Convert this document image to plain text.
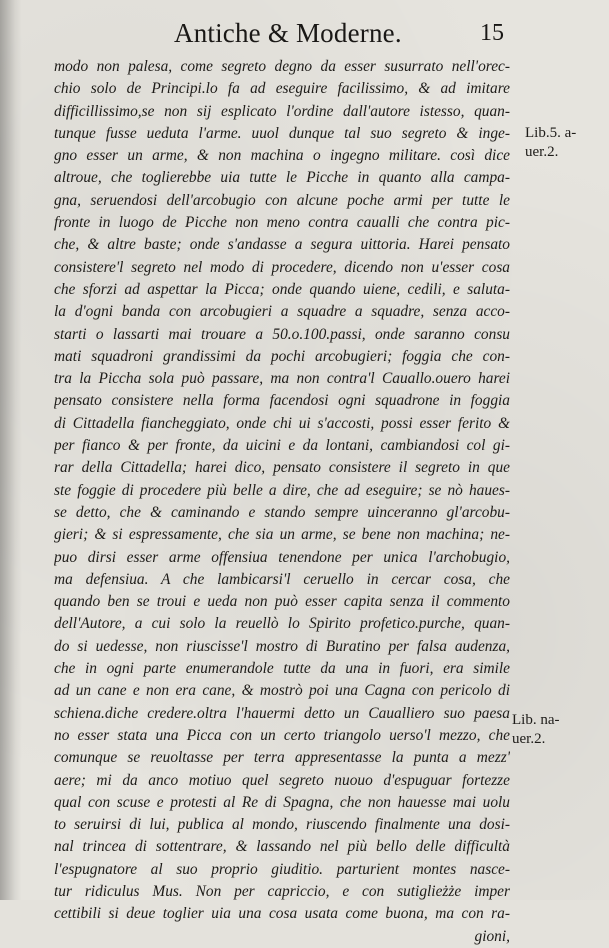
Antiche & Moderne.	15
modo non palesa, come segreto degno da esser susurrato nell'orec-
chio solo de Principi.lo fa ad eseguire facilissimo, & ad imitare
difficillissimo,se non sij esplicato l'ordine dall'autore istesso, quan-
tunque fusse ueduta l'arme. uuol dunque tal suo segreto & inge-
gno esser un arme, & non machina o ingegno militare. così dice
altroue, che toglierebbe uia tutte le Picche in quanto alla campa-
gna, seruendosi dell'arcobugio con alcune poche armi per tutte le
fronte in luogo de Picche non meno contra caualli che contra pic-
che, & altre baste; onde s'andasse a segura uittoria. Harei pensato
consistere'l segreto nel modo di procedere, dicendo non u'esser cosa
che sforzi ad aspettar la Picca; onde quando uiene, cedili, e saluta-
la d'ogni banda con arcobugieri a squadre a squadre, senza acco-
starti o lassarti mai trouare a 50.o.100.passi, onde saranno consu
mati squadroni grandissimi da pochi arcobugieri; foggia che con-
tra la Piccha sola può passare, ma non contra'l Cauallo.ouero harei
pensato consistere nella forma facendosi ogni squadrone in foggia
di Cittadella fiancheggiato, onde chi ui s'accosti, possi esser ferito &
per fianco & per fronte, da uicini e da lontani, cambiandosi col gi-
rar della Cittadella; harei dico, pensato consistere il segreto in que
ste foggie di procedere più belle a dire, che ad eseguire; se nò haues-
se detto, che & caminando e stando sempre uinceranno gl'arcobu-
gieri; & si espressamente, che sia un arme, se bene non machina; ne-
puo dirsi esser arme offensiua tenendone per unica l'archobugio,
ma defensiua. A che lambicarsi'l ceruello in cercar cosa, che
quando ben se troui e ueda non può esser capita senza il commento
dell'Autore, a cui solo la reuellò lo Spirito profetico.purche, quan-
do si uedesse, non riuscisse'l mostro di Buratino per falsa audenza,
che in ogni parte enumerandole tutte da una in fuori, era simile
ad un cane e non era cane, & mostrò poi una Cagna con pericolo di
schiena.diche credere.oltra l'hauermi detto un Caualliero suo paesa
no esser stata una Picca con un certo triangolo uerso'l mezzo, che
comunque se reuoltasse per terra appresentasse la punta a mezz'
aere; mi da anco motiuo quel segreto nuouo d'espuguar fortezze
qual con scuse e protesti al Re di Spagna, che non hauesse mai uolu
to seruirsi di lui, publica al mondo, riuscendo finalmente una dosi-
nal trincea di sottentrare, & lassando nel più bello delle difficultà
l'espugnatore al suo proprio giuditio. parturient montes nasce-
tur ridiculus Mus. Non per capriccio, e con sutiglieżże imper
cettibili si deue toglier uia una cosa usata come buona, ma con ra-
gioni,
Lib.5. a-
uer.2.
Lib. na-
uer.2.
